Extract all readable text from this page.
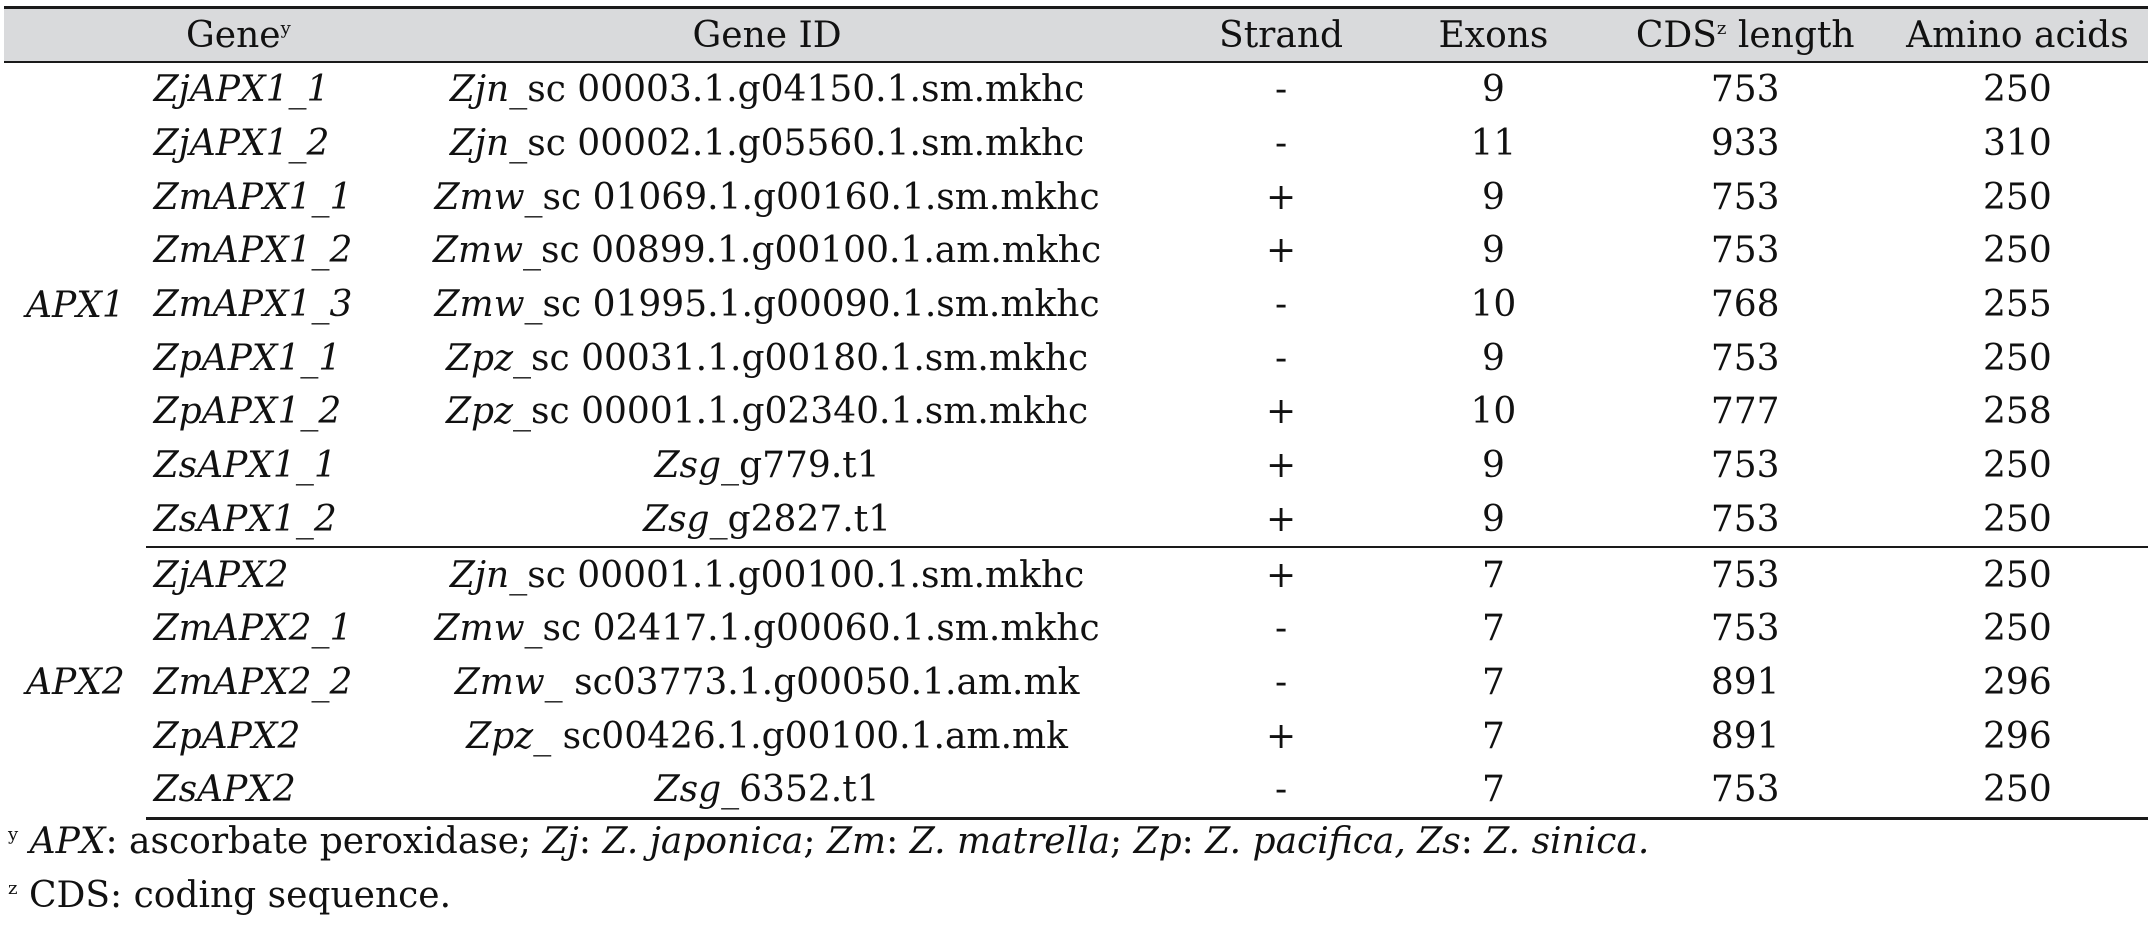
Gene$^y$		Gene ID	Strand	Exons	CDS$^z$ length	Amino acids
APX1	ZjAPX1_1	Zjn_sc 00003.1.g04150.1.sm.mkhc	-	9	753	250
	ZjAPX1_2	Zjn_sc 00002.1.g05560.1.sm.mkhc	-	11	933	310
	ZmAPX1_1	Zmw_sc 01069.1.g00160.1.sm.mkhc	+	9	753	250
	ZmAPX1_2	Zmw_sc 00899.1.g00100.1.am.mkhc	+	9	753	250
	ZmAPX1_3	Zmw_sc 01995.1.g00090.1.sm.mkhc	-	10	768	255
	ZpAPX1_1	Zpz_sc 00031.1.g00180.1.sm.mkhc	-	9	753	250
	ZpAPX1_2	Zpz_sc 00001.1.g02340.1.sm.mkhc	+	10	777	258
	ZsAPX1_1	Zsg_g779.t1	+	9	753	250
	ZsAPX1_2	Zsg_g2827.t1	+	9	753	250
APX2	ZjAPX2	Zjn_sc 00001.1.g00100.1.sm.mkhc	+	7	753	250
	ZmAPX2_1	Zmw_sc 02417.1.g00060.1.sm.mkhc	-	7	753	250
	ZmAPX2_2	Zmw_ sc03773.1.g00050.1.am.mk	-	7	891	296
	ZpAPX2	Zpz_ sc00426.1.g00100.1.am.mk	+	7	891	296
	ZsAPX2	Zsg_6352.t1	-	7	753	250
$^y$ APX: ascorbate peroxidase; Zj: Z. japonica; Zm: Z. matrella; Zp: Z. pacifica, Zs: Z. sinica.
$^z$ CDS: coding sequence.
